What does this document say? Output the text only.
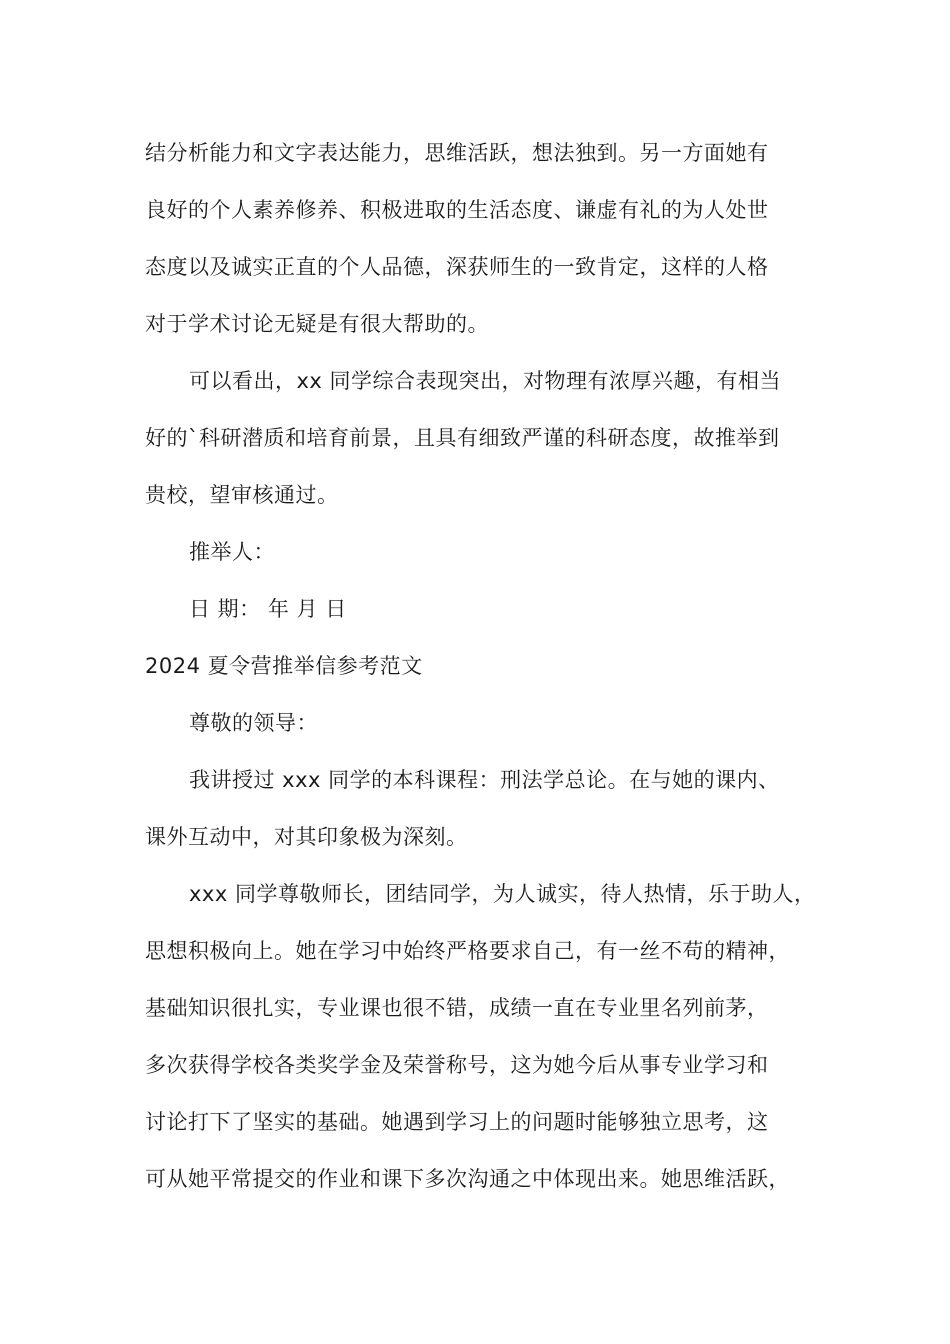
结分析能力和文字表达能力，思维活跃，想法独到。另一方面她有
良好的个人素养修养、积极进取的生活态度、谦虚有礼的为人处世
态度以及诚实正直的个人品德，深获师生的一致肯定，这样的人格
对于学术讨论无疑是有很大帮助的。
可以看出，xx 同学综合表现突出，对物理有浓厚兴趣，有相当
好的`科研潜质和培育前景，且具有细致严谨的科研态度，故推举到
贵校，望审核通过。
推举人：
日 期： 年 月 日
2024 夏令营推举信参考范文
尊敬的领导：
我讲授过 xxx 同学的本科课程：刑法学总论。在与她的课内、
课外互动中，对其印象极为深刻。
xxx 同学尊敬师长，团结同学，为人诚实，待人热情，乐于助人，
思想积极向上。她在学习中始终严格要求自己，有一丝不苟的精神，
基础知识很扎实，专业课也很不错，成绩一直在专业里名列前茅，
多次获得学校各类奖学金及荣誉称号，这为她今后从事专业学习和
讨论打下了坚实的基础。她遇到学习上的问题时能够独立思考，这
可从她平常提交的作业和课下多次沟通之中体现出来。她思维活跃，
